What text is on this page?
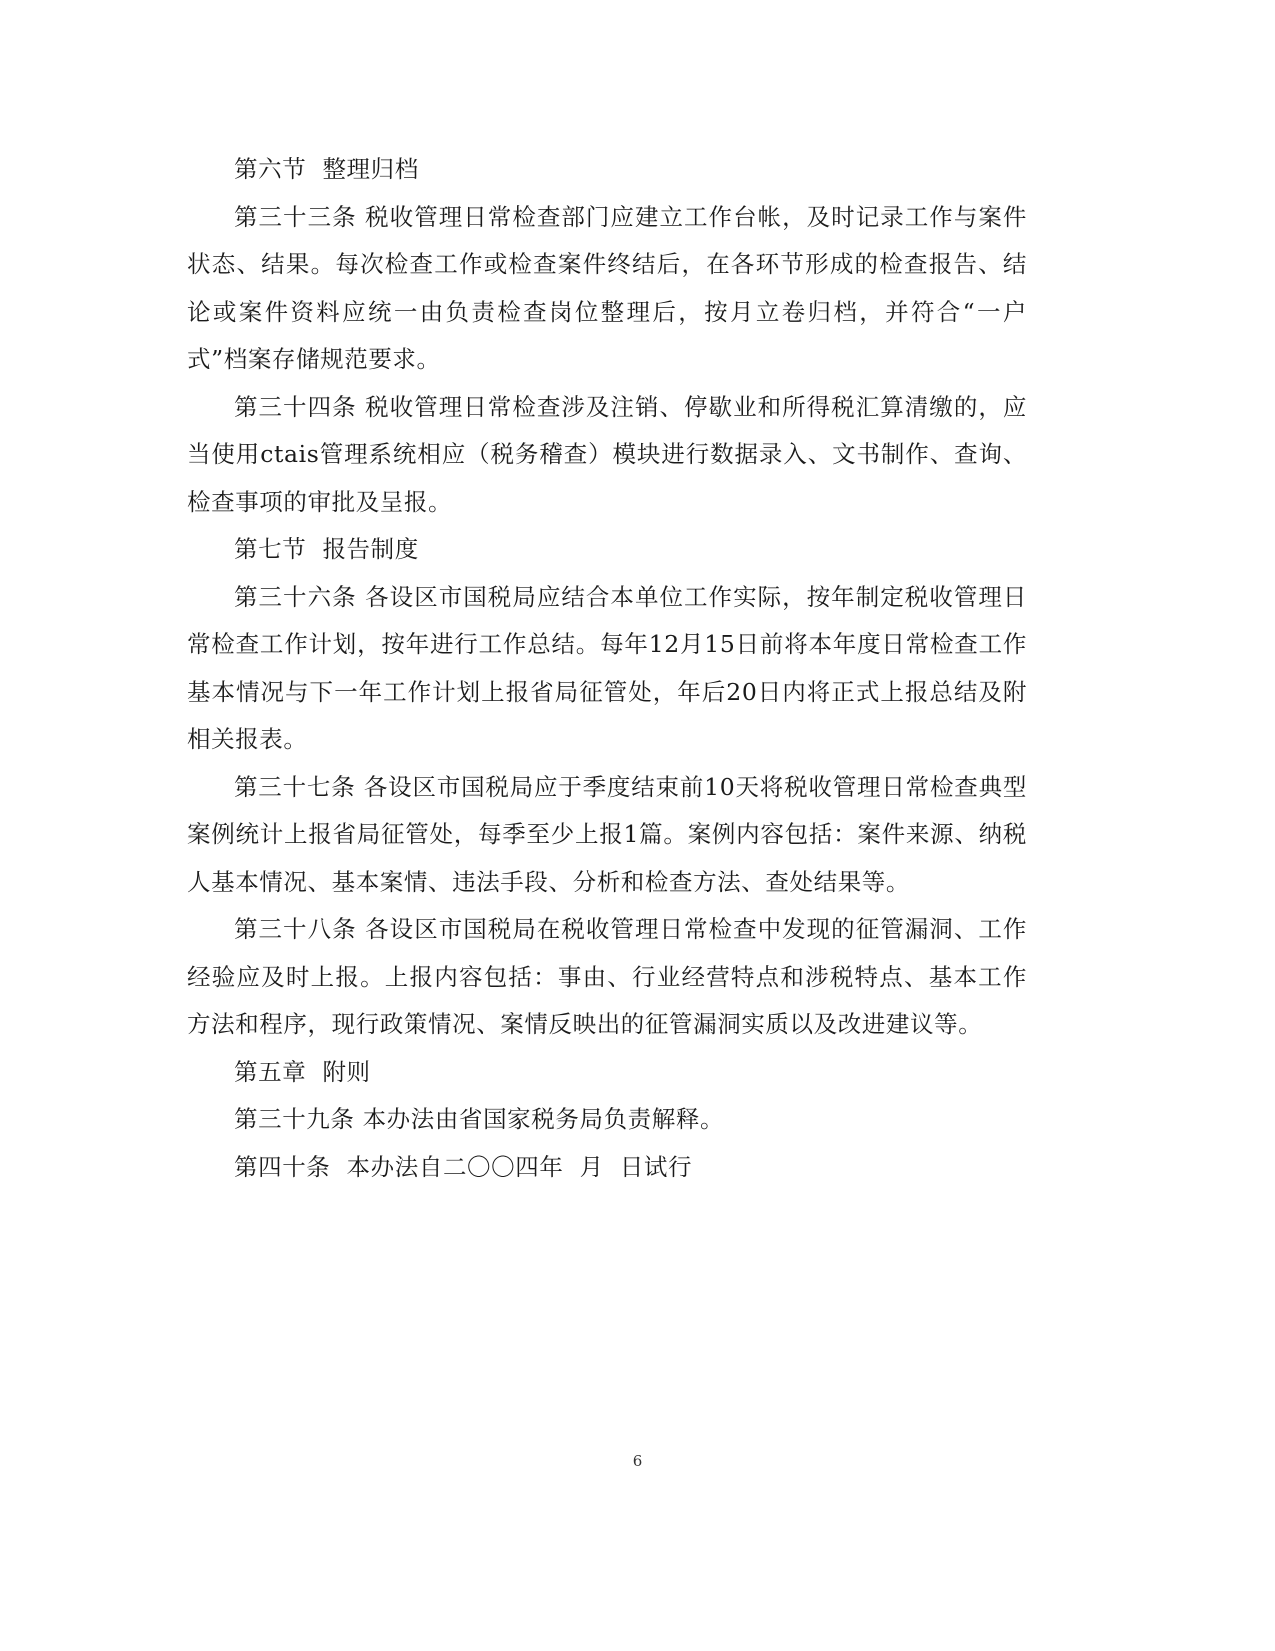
第六节  整理归档

第三十三条 税收管理日常检查部门应建立工作台帐，及时记录工作与案件状态、结果。每次检查工作或检查案件终结后，在各环节形成的检查报告、结论或案件资料应统一由负责检查岗位整理后，按月立卷归档，并符合“一户式”档案存储规范要求。

第三十四条 税收管理日常检查涉及注销、停歇业和所得税汇算清缴的，应当使用ctais管理系统相应（税务稽查）模块进行数据录入、文书制作、查询、检查事项的审批及呈报。

第七节  报告制度

第三十六条 各设区市国税局应结合本单位工作实际，按年制定税收管理日常检查工作计划，按年进行工作总结。每年12月15日前将本年度日常检查工作基本情况与下一年工作计划上报省局征管处，年后20日内将正式上报总结及附相关报表。

第三十七条 各设区市国税局应于季度结束前10天将税收管理日常检查典型案例统计上报省局征管处，每季至少上报1篇。案例内容包括：案件来源、纳税人基本情况、基本案情、违法手段、分析和检查方法、查处结果等。

第三十八条 各设区市国税局在税收管理日常检查中发现的征管漏洞、工作经验应及时上报。上报内容包括：事由、行业经营特点和涉税特点、基本工作方法和程序，现行政策情况、案情反映出的征管漏洞实质以及改进建议等。

第五章  附则

第三十九条 本办法由省国家税务局负责解释。

第四十条  本办法自二〇〇四年  月  日试行

6
